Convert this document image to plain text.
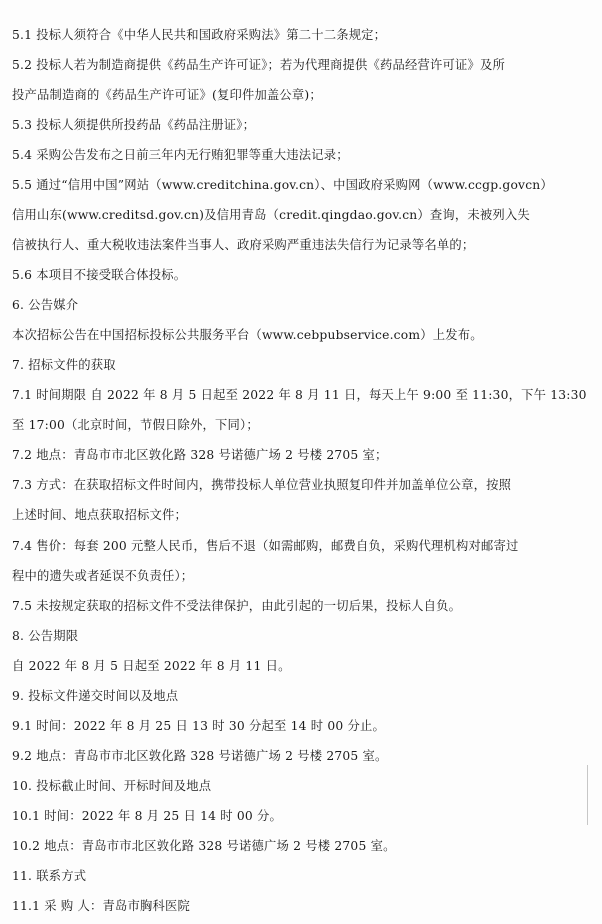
5.1 投标人须符合《中华人民共和国政府采购法》第二十二条规定；
5.2 投标人若为制造商提供《药品生产许可证》；若为代理商提供《药品经营许可证》及所
投产品制造商的《药品生产许可证》(复印件加盖公章)；
5.3 投标人须提供所投药品《药品注册证》；
5.4 采购公告发布之日前三年内无行贿犯罪等重大违法记录；
5.5 通过“信用中国”网站（www.creditchina.gov.cn）、中国政府采购网（www.ccgp.govcn）
信用山东(www.creditsd.gov.cn)及信用青岛（credit.qingdao.gov.cn）查询，未被列入失
信被执行人、重大税收违法案件当事人、政府采购严重违法失信行为记录等名单的；
5.6 本项目不接受联合体投标。
6. 公告媒介
本次招标公告在中国招标投标公共服务平台（www.cebpubservice.com）上发布。
7. 招标文件的获取
7.1 时间期限 自 2022 年 8 月 5 日起至 2022 年 8 月 11 日，每天上午 9:00 至 11:30，下午 13:30
至 17:00（北京时间，节假日除外，下同）；
7.2 地点：青岛市市北区敦化路 328 号诺德广场 2 号楼 2705 室；
7.3 方式：在获取招标文件时间内，携带投标人单位营业执照复印件并加盖单位公章，按照
上述时间、地点获取招标文件；
7.4 售价：每套 200 元整人民币，售后不退（如需邮购，邮费自负，采购代理机构对邮寄过
程中的遗失或者延误不负责任）；
7.5 未按规定获取的招标文件不受法律保护，由此引起的一切后果，投标人自负。
8. 公告期限
自 2022 年 8 月 5 日起至 2022 年 8 月 11 日。
9. 投标文件递交时间以及地点
9.1 时间：2022 年 8 月 25 日 13 时 30 分起至 14 时 00 分止。
9.2 地点：青岛市市北区敦化路 328 号诺德广场 2 号楼 2705 室。
10. 投标截止时间、开标时间及地点
10.1 时间：2022 年 8 月 25 日 14 时 00 分。
10.2 地点：青岛市市北区敦化路 328 号诺德广场 2 号楼 2705 室。
11. 联系方式
11.1 采 购 人：青岛市胸科医院
